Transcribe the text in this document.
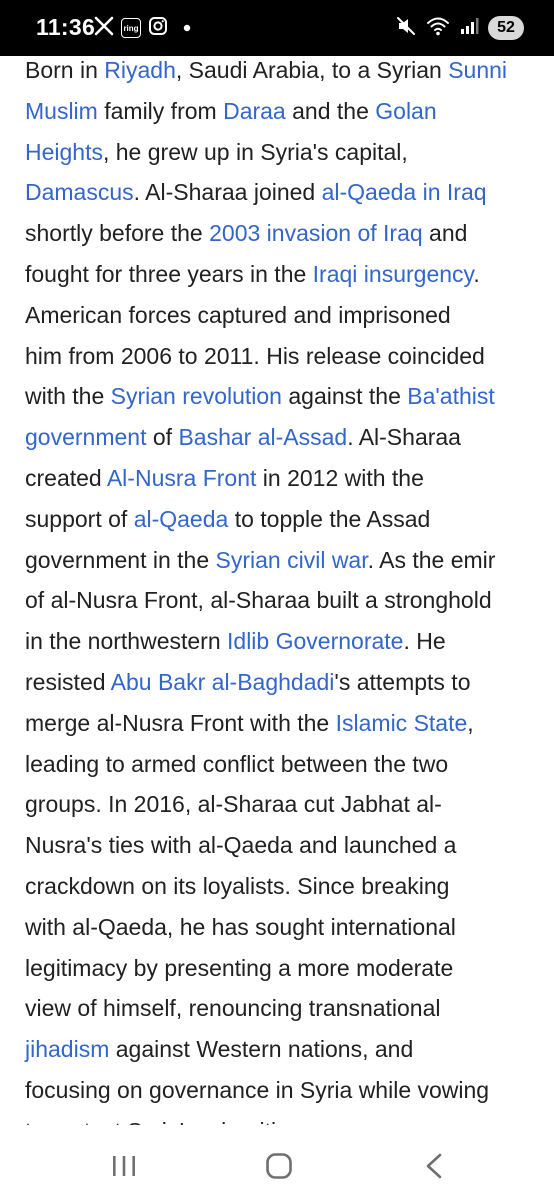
11:36	ring	52
Born in Riyadh, Saudi Arabia, to a Syrian Sunni
Muslim family from Daraa and the Golan
Heights, he grew up in Syria's capital,
Damascus. Al-Sharaa joined al-Qaeda in Iraq
shortly before the 2003 invasion of Iraq and
fought for three years in the Iraqi insurgency.
American forces captured and imprisoned
him from 2006 to 2011. His release coincided
with the Syrian revolution against the Ba'athist
government of Bashar al-Assad. Al-Sharaa
created Al-Nusra Front in 2012 with the
support of al-Qaeda to topple the Assad
government in the Syrian civil war. As the emir
of al-Nusra Front, al-Sharaa built a stronghold
in the northwestern Idlib Governorate. He
resisted Abu Bakr al-Baghdadi's attempts to
merge al-Nusra Front with the Islamic State,
leading to armed conflict between the two
groups. In 2016, al-Sharaa cut Jabhat al-
Nusra's ties with al-Qaeda and launched a
crackdown on its loyalists. Since breaking
with al-Qaeda, he has sought international
legitimacy by presenting a more moderate
view of himself, renouncing transnational
jihadism against Western nations, and
focusing on governance in Syria while vowing
